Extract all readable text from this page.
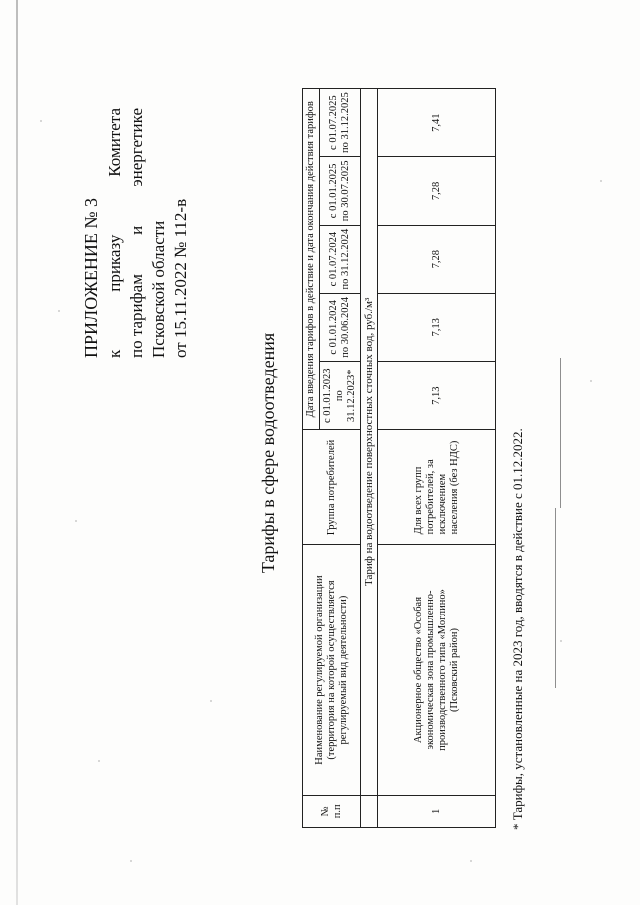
ПРИЛОЖЕНИЕ № 3 к
приказу
Комитета
по тарифам
и
энергетике
Псковской области от 15.11.2022 № 112-в
Тарифы в сфере водоотведения
№ п.п	Наименование регулируемой организации (территория на которой осуществляется регулируемый вид деятельности)	Группа потребителей	Дата введения тарифов в действие и дата окончания действия тарифов				
			с 01.01.2023 по 31.12.2023*	с 01.01.2024 по 30.06.2024	с 01.07.2024 по 31.12.2024	с 01.01.2025 по 30.07.2025	с 01.07.2025 по 31.12.2025
	Тариф на водоотведение поверхностных сточных вод, руб./м³						
1	Акционерное общество «Особая экономическая зона промышленно-производственного типа «Моглино» (Псковский район)	Для всех групп потребителей, за исключением населения (без НДС)	7,13	7,13	7,28	7,28	7,41
* Тарифы, установленные на 2023 год, вводятся в действие с 01.12.2022.
